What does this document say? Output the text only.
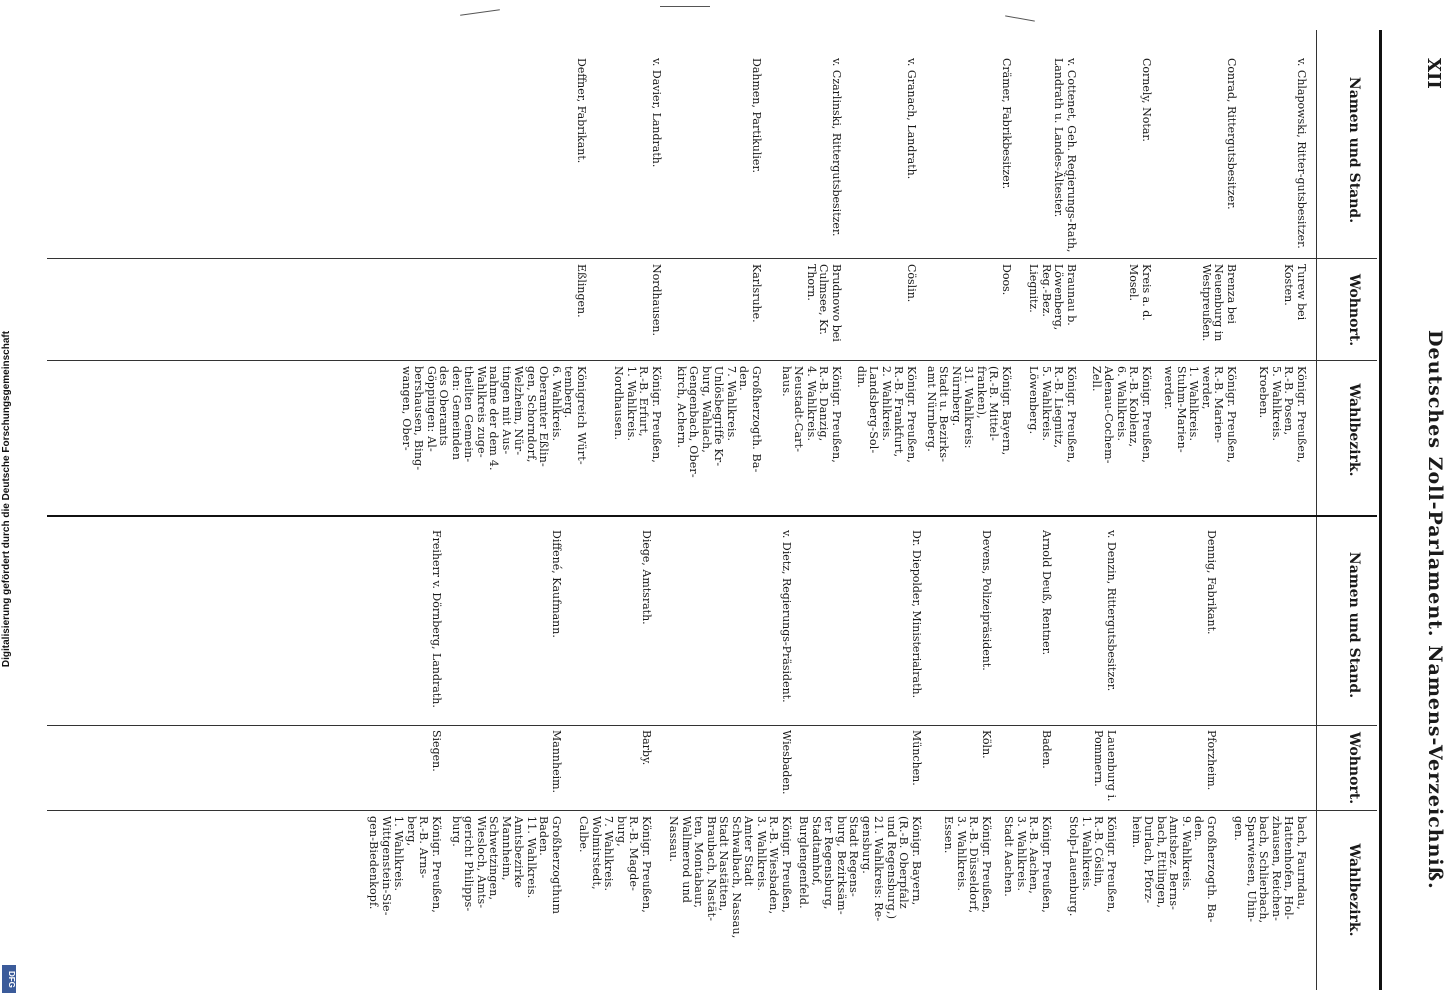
Digitalisierung gefördert durch die Deutsche Forschungsgemeinschaft
DFG
XII
Deutsches Zoll-Parlament. Namens-Verzeichniß.
Namen und Stand.
Wohnort.
Wahlbezirk.
Namen und Stand.
Wohnort.
Wahlbezirk.
v. Chlapowski, Ritter-gutsbesitzer.
Turew bei Kosten.
Königr. Preußen,
R.-B. Posen,
5. Wahlkreis.
Kroeben.
Conrad, Rittergutsbesitzer.
Brenza bei Neuenburg in Westpreußen.
Königr. Preußen,
R.-B. Marien-
werder,
1. Wahlkreis.
Stuhm-Marien-
werder.
Cornely, Notar.
Kreis a. d. Mosel.
Königr. Preußen,
R.-B. Koblenz,
6. Wahlkreis.
Adenau-Cochem-
Zell.
v. Cottenet, Geh. Regierungs-Rath, Landrath u. Landes-Ältester.
Braunau b. Löwenberg, Reg.-Bez. Liegnitz.
Königr. Preußen,
R.-B. Liegnitz,
5. Wahlkreis.
Löwenberg.
Crämer, Fabrikbesitzer.
Doos.
Königr. Bayern,
(R.-B. Mittel-
franken),
31. Wahlkreis:
Nürnberg.
Stadt u. Bezirks-
amt Nürnberg.
v. Granach, Landrath.
Cöslin.
Königr. Preußen,
R.-B. Frankfurt,
2. Wahlkreis.
Landsberg-Sol-
din.
v. Czarlinski, Rittergutsbesitzer.
Brudnowo bei Culmsee, Kr. Thorn.
Königr. Preußen,
R.-B. Danzig,
4. Wahlkreis.
Neustadt-Cart-
haus.
Dahmen, Partikulier.
Karlsruhe.
Großherzogth. Ba-
den.
7. Wahlkreis.
Unlösbegriffe Kr-
burg, Wahlach,
Gengenbach, Ober-
kirch, Achern.
v. Davier, Landrath.
Nordhausen.
Königr. Preußen,
R.-B. Erfurt,
1. Wahlkreis.
Nordhausen.
Deffner, Fabrikant.
Eßlingen.
Königreich Würt-
temberg.
6. Wahlkreis.
Oberamter Eßlin-
gen, Schorndorf,
Welzheim, Nür-
tingen mit Aus-
nahme der dem 4.
Wahlkreis zuge-
theilten Gemein-
den: Gemeinden
des Oberamts
Göppingen: Al-
bershausen, Bing-
wangen, Ober-
bach, Faurndau,
Hattenhofen, Hol-
zhausen, Reichen-
bach, Schlierbach,
Sparwiesen, Uhin-
gen.
Dennig, Fabrikant.
Pforzheim.
Großherzogth. Ba-
den.
9. Wahlkreis.
Amtsbez. Berns-
bach, Ettlingen,
Durlach, Pforz-
heim.
v. Denzin, Rittergutsbesitzer.
Lauenburg i. Pommern.
Königr. Preußen,
R.-B. Cöslin,
1. Wahlkreis.
Stolp-Lauenburg.
Arnold Deuß, Rentner.
Baden.
Königr. Preußen,
R.-B. Aachen,
3. Wahlkreis.
Stadt Aachen.
Devens, Polizeipräsident.
Köln.
Königr. Preußen,
R.-B. Düsseldorf,
3. Wahlkreis.
Essen.
Dr. Diepolder, Ministerialrath.
München.
Königr. Bayern,
(R.-B. Oberpfalz
und Regensburg,)
21. Wahlkreis: Re-
gensburg.
Stadt Regens-
burg, Bezirksäm-
ter Regensburg,
Stadtamhof,
Burglengenfeld.
v. Dietz, Regierungs-Präsident.
Wiesbaden.
Königr. Preußen,
R.-B. Wiesbaden,
3. Wahlkreis.
Amter Stadt
Schwalbach, Nassau,
Stadt Nastätten,
Braubach, Nastät-
ten, Montabaur,
Wallmerod und
Nassau.
Diege, Amtsrath.
Barby.
Königr. Preußen,
R.-B. Magde-
burg,
7. Wahlkreis.
Wolmirstedt,
Calbe.
Diffené, Kaufmann.
Mannheim.
Großherzogthum
Baden.
11. Wahlkreis.
Amtsbezirke
Mannheim,
Schwetzingen,
Wiesloch, Amts-
gericht Philipps-
burg.
Freiherr v. Dörnberg, Landrath.
Siegen.
Königr. Preußen,
R.-B. Arns-
berg,
1. Wahlkreis.
Wittgenstein-Sie-
gen-Biedenkopf.
